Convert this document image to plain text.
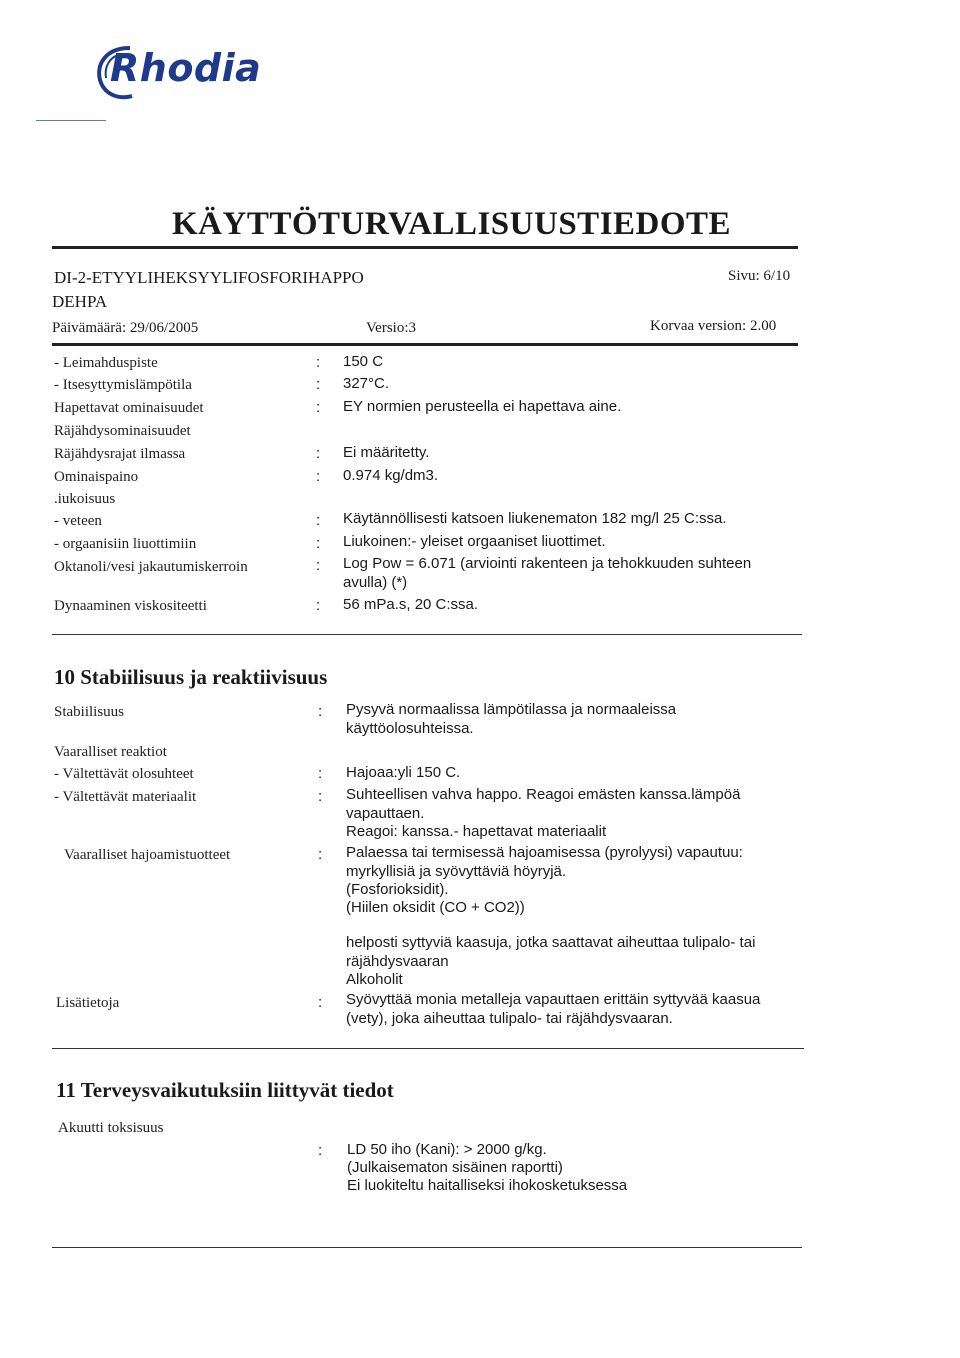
Rhodia
KÄYTTÖTURVALLISUUSTIEDOTE
DI-2-ETYYLIHEKSYYLIFOSFORIHAPPO
DEHPA
Sivu: 6/10
Päivämäärä: 29/06/2005	Versio:3	Korvaa version: 2.00
- Leimahduspiste	: 150 C
- Itsesyttymislämpötila	: 327°C.
Hapettavat ominaisuudet	: EY normien perusteella ei hapettava aine.
Räjähdysominaisuudet
Räjähdysrajat ilmassa	: Ei määritetty.
Ominaispaino	: 0.974 kg/dm3.
.iukoisuus
- veteen	: Käytännöllisesti katsoen liukenematon 182 mg/l 25 C:ssa.
- orgaanisiin liuottimiin	: Liukoinen:- yleiset orgaaniset liuottimet.
Oktanoli/vesi jakautumiskerroin	: Log Pow = 6.071 (arviointi rakenteen ja tehokkuuden suhteen
avulla) (*)
Dynaaminen viskositeetti	: 56 mPa.s, 20 C:ssa.
10 Stabiilisuus ja reaktiivisuus
Stabiilisuus	: Pysyvä normaalissa lämpötilassa ja normaaleissa
käyttöolosuhteissa.
Vaaralliset reaktiot
- Vältettävät olosuhteet	: Hajoaa:yli 150 C.
- Vältettävät materiaalit	: Suhteellisen vahva happo. Reagoi emästen kanssa.lämpöä
vapauttaen.
Reagoi: kanssa.- hapettavat materiaalit
Vaaralliset hajoamistuotteet	: Palaessa tai termisessä hajoamisessa (pyrolyysi) vapautuu:
myrkyllisiä ja syövyttäviä höyryjä.
(Fosforioksidit).
(Hiilen oksidit (CO + CO2))
helposti syttyviä kaasuja, jotka saattavat aiheuttaa tulipalo- tai
räjähdysvaaran
Alkoholit
Lisätietoja	: Syövyttää monia metalleja vapauttaen erittäin syttyvää kaasua
(vety), joka aiheuttaa tulipalo- tai räjähdysvaaran.
11 Terveysvaikutuksiin liittyvät tiedot
Akuutti toksisuus
: LD 50 iho (Kani): > 2000 g/kg.
(Julkaisematon sisäinen raportti)
Ei luokiteltu haitalliseksi ihokosketuksessa
